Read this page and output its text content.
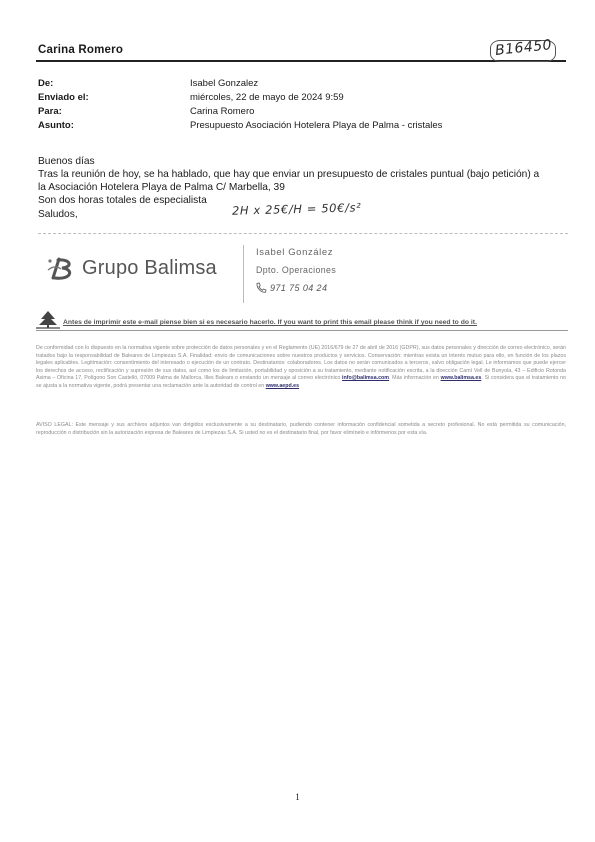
Carina Romero	B16450
De:	Isabel Gonzalez
Enviado el:	miércoles, 22 de mayo de 2024 9:59
Para:	Carina Romero
Asunto:	Presupuesto Asociación Hotelera Playa de Palma - cristales
Buenos días
Tras la reunión de hoy, se ha hablado, que hay que enviar un presupuesto de cristales puntual (bajo petición) a
la Asociación Hotelera Playa de Palma C/ Marbella, 39
Son dos horas totales de especialista
Saludos,	2H x 25€/H = 50€/s²
Grupo Balimsa
Isabel González
Dpto. Operaciones
971 75 04 24
Antes de imprimir este e-mail piense bien si es necesario hacerlo. If you want to print this email please think if you need to do it.
De conformidad con lo dispuesto en la normativa vigente sobre protección de datos personales y en el Reglamento (UE) 2016/679 de 27 de abril de 2016 (GDPR), sus datos personales y dirección de correo electrónico, serán tratados bajo la responsabilidad de Baleares de Limpiezas S.A. Finalidad: envío de comunicaciones sobre nuestros productos y servicios. Conservación: mientras exista un interés mutuo para ello, en función de los plazos legales aplicables. Legitimación: consentimiento del interesado o ejecución de un contrato. Destinatarios: colaboradores. Los datos no serán comunicados a terceros, salvo obligación legal. Le informamos que puede ejercer los derechos de acceso, rectificación y supresión de sus datos, así como los de limitación, portabilidad y oposición a su tratamiento, mediante notificación escrita, a la dirección Camí Vell de Bunyola, 43 – Edificio Rotonda Asima – Oficina 17, Polígono Son Castelló, 07009 Palma de Mallorca, Illes Balears o enviando un mensaje al correo electrónico info@balimsa.com. Más información en www.balimsa.es. Si considera que el tratamiento no se ajusta a la normativa vigente, podrá presentar una reclamación ante la autoridad de control en www.aepd.es
AVISO LEGAL: Este mensaje y sus archivos adjuntos van dirigidos exclusivamente a su destinatario, pudiendo contener información confidencial sometida a secreto profesional. No está permitida su comunicación, reproducción o distribución sin la autorización expresa de Baleares de Limpiezas S.A. Si usted no es el destinatario final, por favor elimínelo e infórmenos por esta vía.
1
